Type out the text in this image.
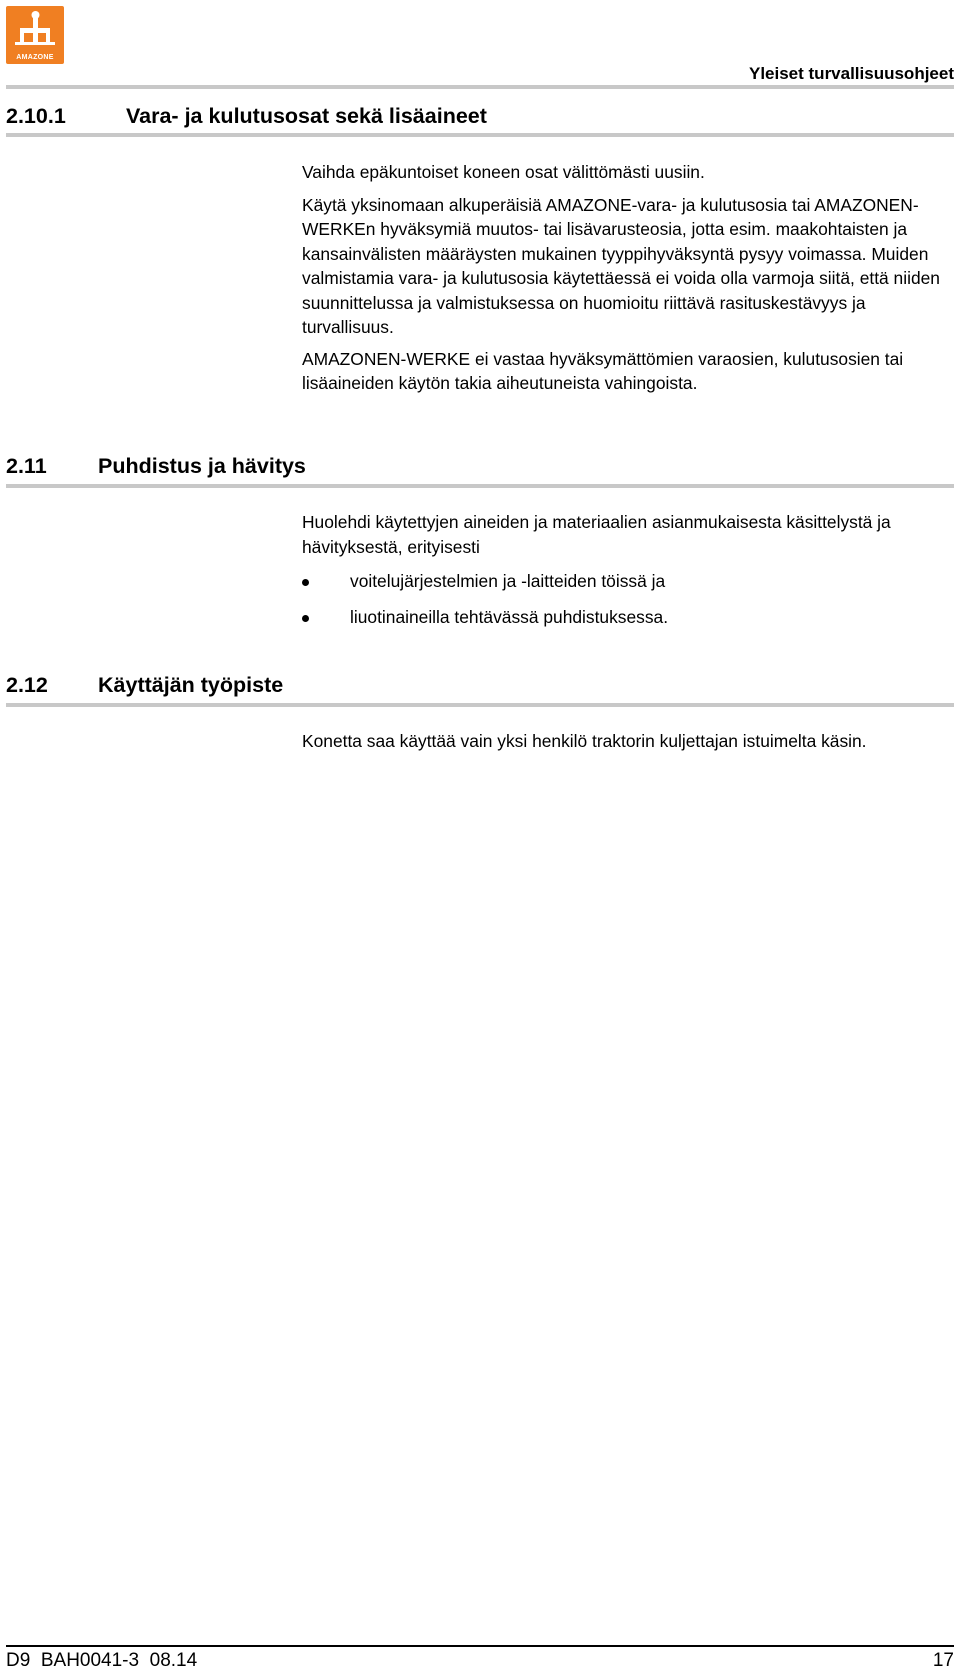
AMAZONE
Yleiset turvallisuusohjeet
2.10.1	Vara- ja kulutusosat sekä lisäaineet

Vaihda epäkuntoiset koneen osat välittömästi uusiin.

Käytä yksinomaan alkuperäisiä AMAZONE-vara- ja kulutusosia tai AMAZONEN-WERKEn hyväksymiä muutos- tai lisävarusteosia, jotta esim. maakohtaisten ja kansainvälisten määräysten mukainen tyyppihyväksyntä pysyy voimassa. Muiden valmistamia vara- ja kulutusosia käytettäessä ei voida olla varmoja siitä, että niiden suunnittelussa ja valmistuksessa on huomioitu riittävä rasituskestävyys ja turvallisuus.

AMAZONEN-WERKE ei vastaa hyväksymättömien varaosien, kulutusosien tai lisäaineiden käytön takia aiheutuneista vahingoista.

2.11 Puhdistus ja hävitys

Huolehdi käytettyjen aineiden ja materiaalien asianmukaisesta käsittelystä ja hävityksestä, erityisesti

voitelujärjestelmien ja -laitteiden töissä ja
liuotinaineilla tehtävässä puhdistuksessa.
2.12 Käyttäjän työpiste

Konetta saa käyttää vain yksi henkilö traktorin kuljettajan istuimelta käsin.

D9  BAH0041-3  08.14	17
